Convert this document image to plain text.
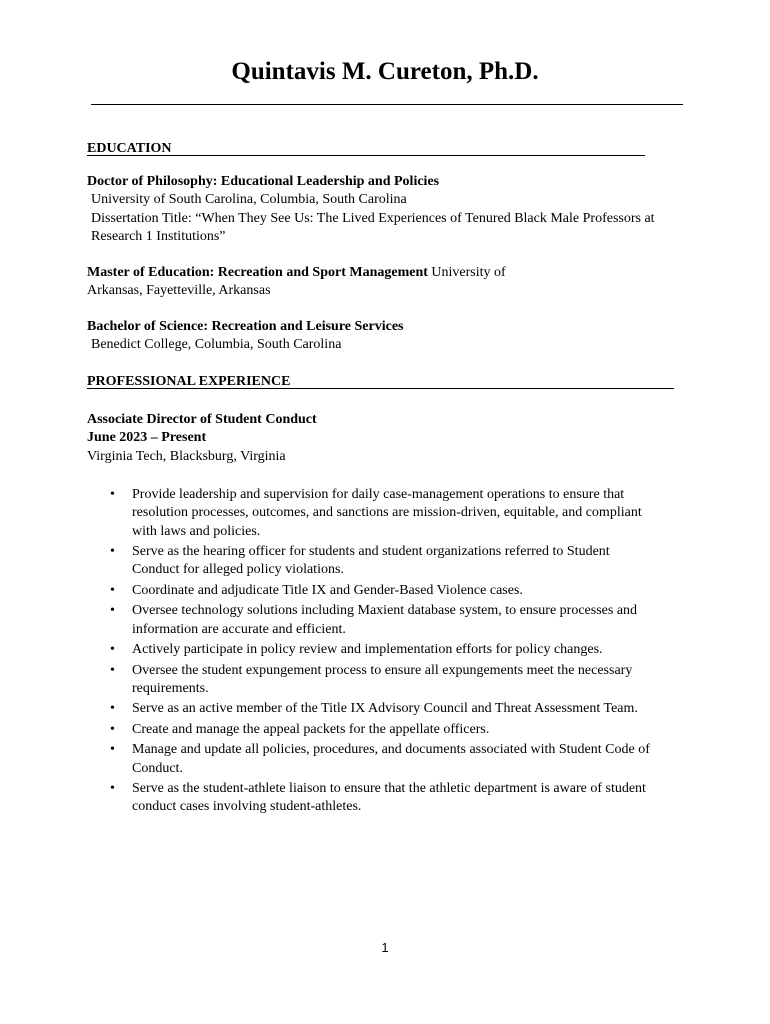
Quintavis M. Cureton, Ph.D.
EDUCATION
Doctor of Philosophy: Educational Leadership and Policies
University of South Carolina, Columbia, South Carolina
Dissertation Title: “When They See Us: The Lived Experiences of Tenured Black Male Professors at
Research 1 Institutions”
Master of Education: Recreation and Sport Management University of
Arkansas, Fayetteville, Arkansas
Bachelor of Science: Recreation and Leisure Services
Benedict College, Columbia, South Carolina
PROFESSIONAL EXPERIENCE
Associate Director of Student Conduct
June 2023 – Present
Virginia Tech, Blacksburg, Virginia
• Provide leadership and supervision for daily case-management operations to ensure that
resolution processes, outcomes, and sanctions are mission-driven, equitable, and compliant
with laws and policies.
• Serve as the hearing officer for students and student organizations referred to Student
Conduct for alleged policy violations.
• Coordinate and adjudicate Title IX and Gender-Based Violence cases.
• Oversee technology solutions including Maxient database system, to ensure processes and
information are accurate and efficient.
• Actively participate in policy review and implementation efforts for policy changes.
• Oversee the student expungement process to ensure all expungements meet the necessary
requirements.
• Serve as an active member of the Title IX Advisory Council and Threat Assessment Team.
• Create and manage the appeal packets for the appellate officers.
• Manage and update all policies, procedures, and documents associated with Student Code of
Conduct.
• Serve as the student-athlete liaison to ensure that the athletic department is aware of student
conduct cases involving student-athletes.
1
